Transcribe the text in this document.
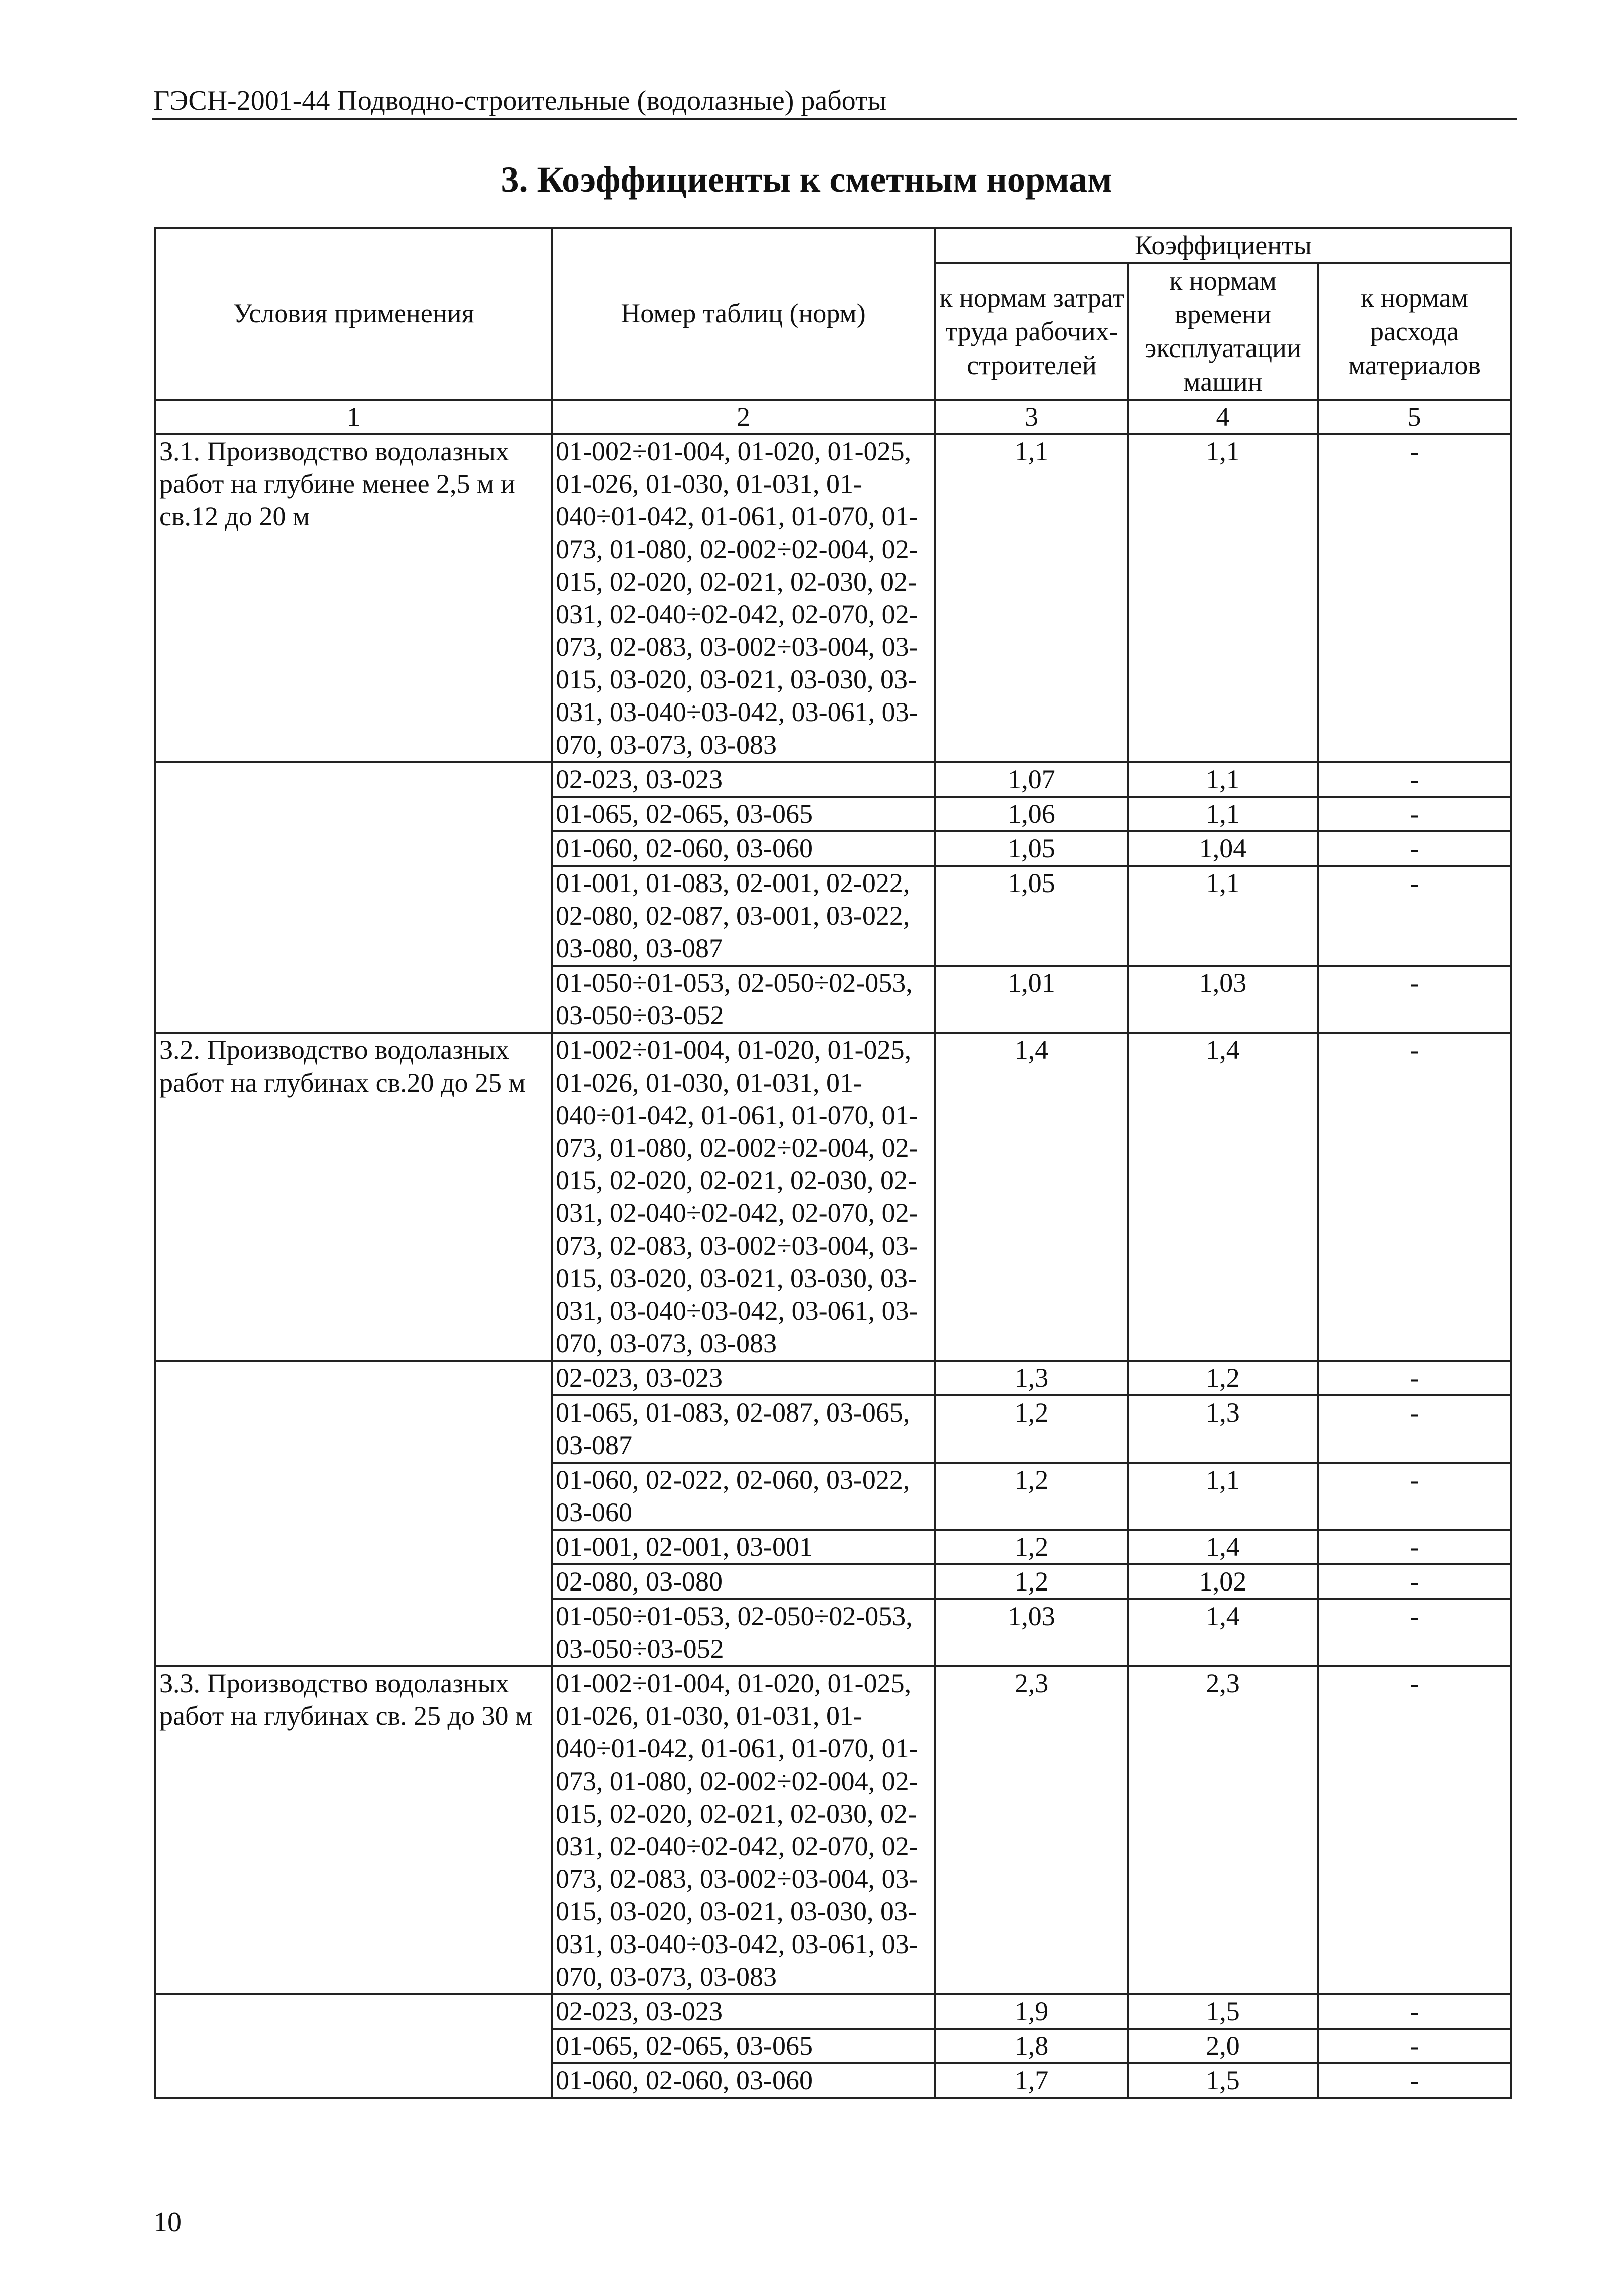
ГЭСН-2001-44 Подводно-строительные (водолазные) работы
3. Коэффициенты к сметным нормам
Условия применения	Номер таблиц (норм)	Коэффициенты		
		к нормам затрат труда рабочих-строителей	к нормам времени эксплуатации машин	к нормам расхода материалов
1	2	3	4	5
3.1. Производство водолазных работ на глубине менее 2,5 м и св.12 до 20 м	01-002÷01-004, 01-020, 01-025, 01-026, 01-030, 01-031, 01-040÷01-042, 01-061, 01-070, 01-073, 01-080, 02-002÷02-004, 02-015, 02-020, 02-021, 02-030, 02-031, 02-040÷02-042, 02-070, 02-073, 02-083, 03-002÷03-004, 03-015, 03-020, 03-021, 03-030, 03-031, 03-040÷03-042, 03-061, 03-070, 03-073, 03-083	1,1	1,1	-
	02-023, 03-023	1,07	1,1	-
	01-065, 02-065, 03-065	1,06	1,1	-
	01-060, 02-060, 03-060	1,05	1,04	-
	01-001, 01-083, 02-001, 02-022, 02-080, 02-087, 03-001, 03-022, 03-080, 03-087	1,05	1,1	-
	01-050÷01-053, 02-050÷02-053, 03-050÷03-052	1,01	1,03	-
3.2. Производство водолазных работ на глубинах св.20 до 25 м	01-002÷01-004, 01-020, 01-025, 01-026, 01-030, 01-031, 01-040÷01-042, 01-061, 01-070, 01-073, 01-080, 02-002÷02-004, 02-015, 02-020, 02-021, 02-030, 02-031, 02-040÷02-042, 02-070, 02-073, 02-083, 03-002÷03-004, 03-015, 03-020, 03-021, 03-030, 03-031, 03-040÷03-042, 03-061, 03-070, 03-073, 03-083	1,4	1,4	-
	02-023, 03-023	1,3	1,2	-
	01-065, 01-083, 02-087, 03-065, 03-087	1,2	1,3	-
	01-060, 02-022, 02-060, 03-022, 03-060	1,2	1,1	-
	01-001, 02-001, 03-001	1,2	1,4	-
	02-080, 03-080	1,2	1,02	-
	01-050÷01-053, 02-050÷02-053, 03-050÷03-052	1,03	1,4	-
3.3. Производство водолазных работ на глубинах св. 25 до 30 м	01-002÷01-004, 01-020, 01-025, 01-026, 01-030, 01-031, 01-040÷01-042, 01-061, 01-070, 01-073, 01-080, 02-002÷02-004, 02-015, 02-020, 02-021, 02-030, 02-031, 02-040÷02-042, 02-070, 02-073, 02-083, 03-002÷03-004, 03-015, 03-020, 03-021, 03-030, 03-031, 03-040÷03-042, 03-061, 03-070, 03-073, 03-083	2,3	2,3	-
	02-023, 03-023	1,9	1,5	-
	01-065, 02-065, 03-065	1,8	2,0	-
	01-060, 02-060, 03-060	1,7	1,5	-
10
